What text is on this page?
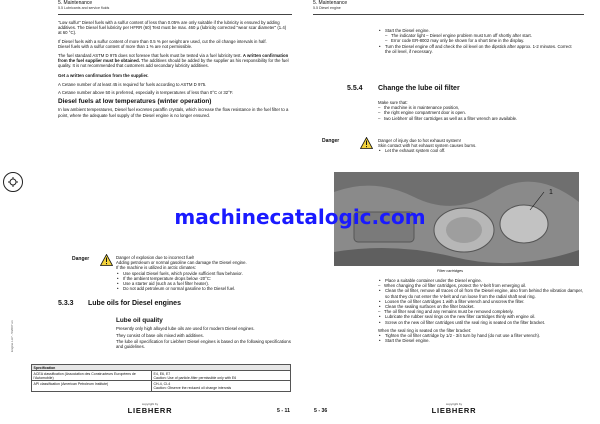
5. Maintenance
5.5 Lubricants and service fluids
Engine LH7 - 5/2007 en

"Low sulfur" Diesel fuels with a sulfur content of less than 0.05% are only suitable if the lubricity is ensured by adding additives. The Diesel fuel lubricity per HFRR (60) Test must be max. 460 µ (lubricity corrected "wear scar diameter" (1.4) at 60 °C).

If Diesel fuels with a sulfur content of more than 0.5 % per weight are used, cut the oil change intervals in half.

Diesel fuels with a sulfur content of more than 1 % are not permissible.

The fuel standard ASTM D 975 does not foresee that fuels must be tested via a fuel lubricity test. A written confirmation from the fuel supplier must be obtained. The additives should be added by the supplier as his responsibility for the fuel quality. It is not recommended that customers add secondary lubricity additives.

Get a written confirmation from the supplier.

A Cetane number of at least 45 is required for fuels according to ASTM D 975.

A Cetane number above 50 is preferred, especially in temperatures of less than 0°C or 32°F.

Diesel fuels at low temperatures (winter operation)

In low ambient temperatures, Diesel fuel excretes paraffin crystals, which increase the flow resistance in the fuel filter to a point, where the adequate fuel supply of the Diesel engine is no longer ensured.

Danger	Danger of explosion due to incorrect fuel!

Adding petroleum or normal gasoline can damage the Diesel engine.

If the machine is utilized in arctic climates:

• Use special Diesel fuels, which provide sufficient flow behavior.
• If the ambient temperature drops below -20°C:
• Use a starter aid (such as a fuel filter heater).
• Do not add petroleum or normal gasoline to the Diesel fuel.
5.3.3 Lube oils for Diesel engines
Lube oil quality

Presently only high alloyed lube oils are used for modern Diesel engines.

They consist of base oils mixed with additives.

The lube oil specification for Liebherr Diesel engines is based on the following specifications and guidelines.

Specification	
ACEA classification (Association des Constructeurs Européens de l'Automobile)	E4, E6, E7
Caution: Use of particle-filter permissible only with E6
API classification (American Petroleum Institute)	CH-4, CI-4
Caution: Observe the reduced oil change intervals
copyright by
LIEBHERR	5 - 11
5. Maintenance
5.5 Diesel engine
• Start the Diesel engine.
– The indicator light – Diesel engine problem must turn off shortly after start.
– Error code ER-8002 may only be shown for a short time in the display.
• Turn the Diesel engine off and check the oil level on the dipstick after approx. 1-2 minutes. Correct the oil level, if necessary.
5.5.4 Change the lube oil filter

Make sure that:

– the machine is in maintenance position,
– the right engine compartment door is open.
– two Liebherr oil filter cartridges as well as a filter wrench are available.
Danger	Danger of injury due to hot exhaust system!

Skin contact with hot exhaust system causes burns.

• Let the exhaust system cool off.
1
Filter cartridges
• Place a suitable container under the Diesel engine.
– When changing the oil filter cartridges, protect the V-belt from emerging oil.
• Clean the oil filter, remove all traces of oil from the Diesel engine, also from behind the vibration damper, so that they do not enter the V-belt and run loose from the radial shaft seal ring.
• Loosen the oil filter cartridges 1 with a filter wrench and unscrew the filter.
• Clean the sealing surfaces on the filter bracket.
– The oil filter seal ring and any remains must be removed completely.
• Lubricate the rubber seal rings on the new filter cartridges thinly with engine oil.
• Screw on the new oil filter cartridges until the seal ring is seated on the filter bracket.

When the seal ring is seated on the filter bracket:

• Tighten the oil filter cartridge by 1/2 - 3/4 turn by hand (do not use a filter wrench).
• Start the Diesel engine.
5 - 36
copyright by
LIEBHERR
machinecatalogic.com
